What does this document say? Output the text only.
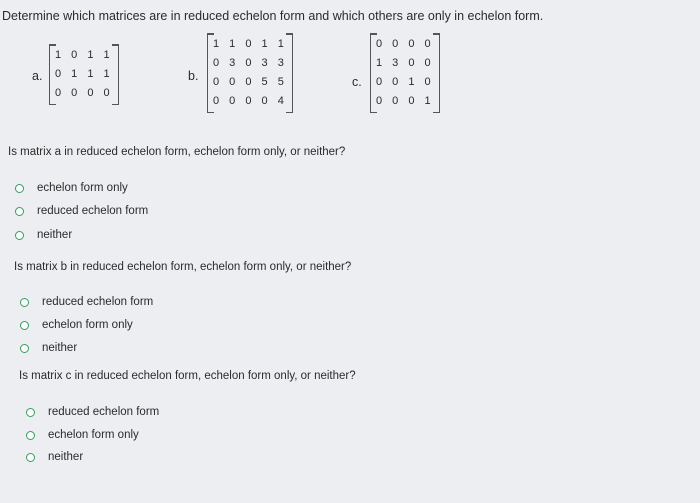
Determine which matrices are in reduced echelon form and which others are only in echelon form.
a.
1 0 1 1
0 1 1 1
0 0 0 0
b.
1 1 0 1 1
0 3 0 3 3
0 0 0 5 5
0 0 0 0 4
c.
0 0 0 0
1 3 0 0
0 0 1 0
0 0 0 1
Is matrix a in reduced echelon form, echelon form only, or neither?
echelon form only
reduced echelon form
neither
Is matrix b in reduced echelon form, echelon form only, or neither?
reduced echelon form
echelon form only
neither
Is matrix c in reduced echelon form, echelon form only, or neither?
reduced echelon form
echelon form only
neither
